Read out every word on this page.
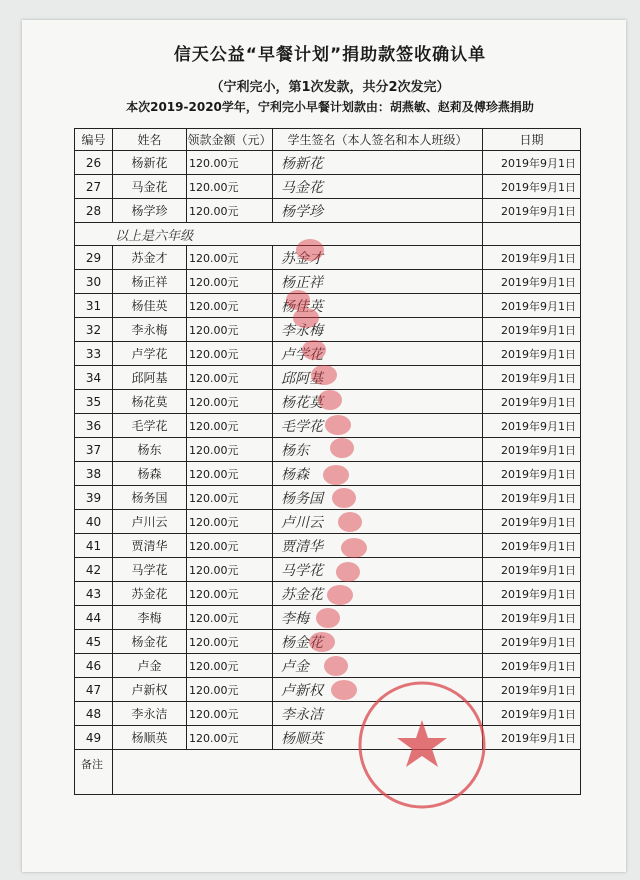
信天公益“早餐计划”捐助款签收确认单
（宁利完小，第1次发款，共分2次发完）
本次2019-2020学年，宁利完小早餐计划款由：胡燕敏、赵莉及傅珍燕捐助
编号	姓名	领款金额（元）	学生签名（本人签名和本人班级）	日期
26	杨新花	120.00元	杨新花	2019年9月1日
27	马金花	120.00元	马金花	2019年9月1日
28	杨学珍	120.00元	杨学珍	2019年9月1日
以上是六年级				
29	苏金才	120.00元	苏金才	2019年9月1日
30	杨正祥	120.00元	杨正祥	2019年9月1日
31	杨佳英	120.00元	杨佳英	2019年9月1日
32	李永梅	120.00元	李永梅	2019年9月1日
33	卢学花	120.00元	卢学花	2019年9月1日
34	邱阿基	120.00元	邱阿基	2019年9月1日
35	杨花莫	120.00元	杨花莫	2019年9月1日
36	毛学花	120.00元	毛学花	2019年9月1日
37	杨东	120.00元	杨东	2019年9月1日
38	杨森	120.00元	杨森	2019年9月1日
39	杨务国	120.00元	杨务国	2019年9月1日
40	卢川云	120.00元	卢川云	2019年9月1日
41	贾清华	120.00元	贾清华	2019年9月1日
42	马学花	120.00元	马学花	2019年9月1日
43	苏金花	120.00元	苏金花	2019年9月1日
44	李梅	120.00元	李梅	2019年9月1日
45	杨金花	120.00元	杨金花	2019年9月1日
46	卢金	120.00元	卢金	2019年9月1日
47	卢新权	120.00元	卢新权	2019年9月1日
48	李永洁	120.00元	李永洁	2019年9月1日
49	杨顺英	120.00元	杨顺英	2019年9月1日
备注				
